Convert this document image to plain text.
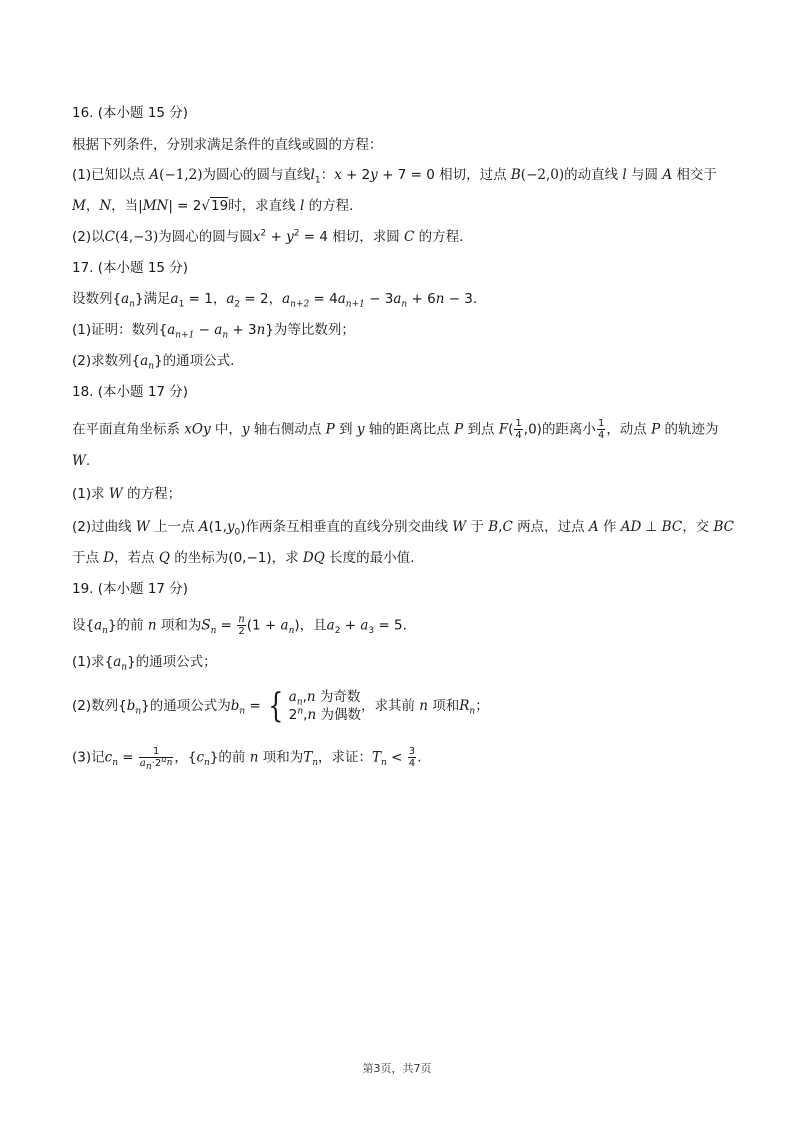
16. (本小题 15 分)
根据下列条件，分别求满足条件的直线或圆的方程：
(1)已知以点 A(−1,2)为圆心的圆与直线$l_1$：x + 2y + 7 = 0 相切，过点 B(−2,0)的动直线 l 与圆 A 相交于
M，N，当|MN| = 2√19时，求直线 l 的方程.
(2)以C(4,−3)为圆心的圆与圆$x^2 + y^2 = 4$ 相切，求圆 C 的方程.
17. (本小题 15 分)
设数列$\{a_n\}$满足$a_1 = 1$，$a_2 = 2$，$a_{n+2} = 4a_{n+1} - 3a_n + 6n - 3$.
(1)证明：数列$\{a_{n+1} - a_n + 3n\}$为等比数列；
(2)求数列$\{a_n\}$的通项公式.
18. (本小题 17 分)
在平面直角坐标系 xOy 中，y 轴右侧动点 P 到 y 轴的距离比点 P 到点 $F( \frac{1}{4} ,0)$的距离小 $\frac{1}{4}$ ，动点 P 的轨迹为
W.
(1)求 W 的方程；
(2)过曲线 W 上一点 $A(1,y_0)$作两条互相垂直的直线分别交曲线 W 于 B,C 两点，过点 A 作 AD ⊥ BC，交 BC
于点 D，若点 Q 的坐标为(0,−1)，求 DQ 长度的最小值.
19. (本小题 17 分)
设$\{a_n\}$的前 n 项和为$S_n = \frac{n}{2} (1 + a_n)$，且$a_2 + a_3 = 5$.
(1)求$\{a_n\}$的通项公式；
(2)数列$\{b_n\}$的通项公式为$b_n$ = { $a_n,n$ 为奇数
2$^n$,n 为偶数
，求其前 n 项和$R_n$；
(3)记$c_n = \frac{1}{a_n\cdot 2^{a_n}}$ ，$\{c_n\}$的前 n 项和为$T_n$，求证：$T_n < \frac{3}{4}$ .
第3页，共7页
